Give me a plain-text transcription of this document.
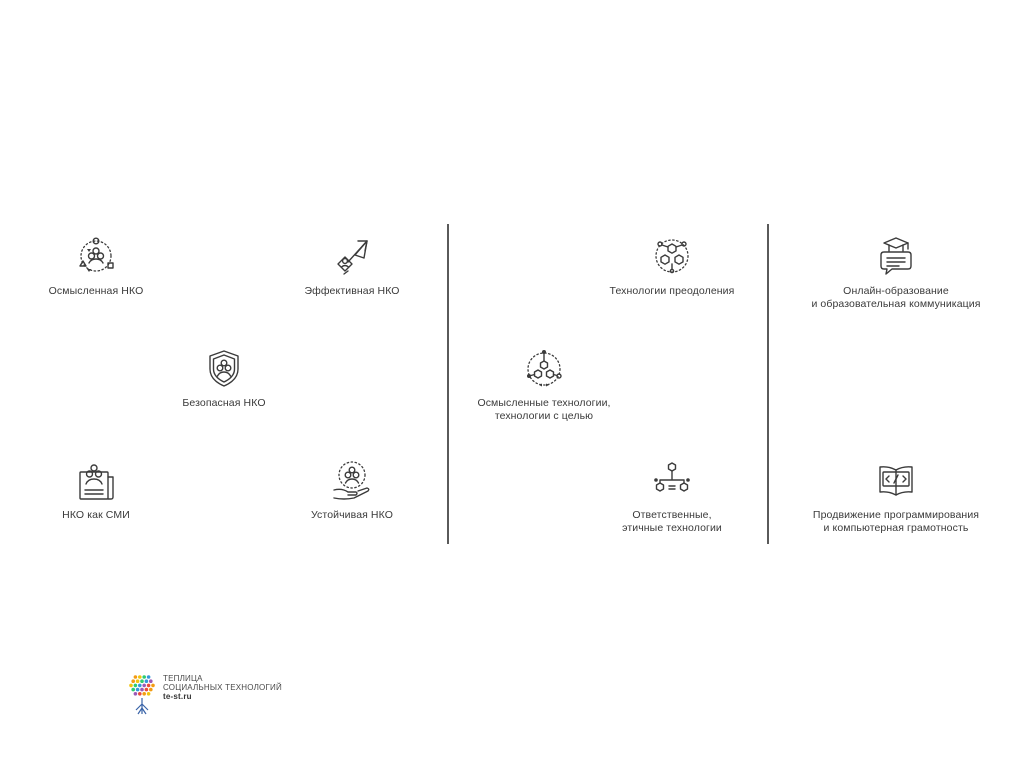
Осмысленная НКО	Эффективная НКО
Безопасная НКО
НКО как СМИ	Устойчивая НКО
Технологии преодоления
Осмысленные технологии,
технологии с целью
Ответственные,
этичные технологии
Онлайн-образование
и образовательная коммуникация
Продвижение программирования
и компьютерная грамотность
ТЕПЛИЦА
СОЦИАЛЬНЫХ ТЕХНОЛОГИЙ
te-st.ru
